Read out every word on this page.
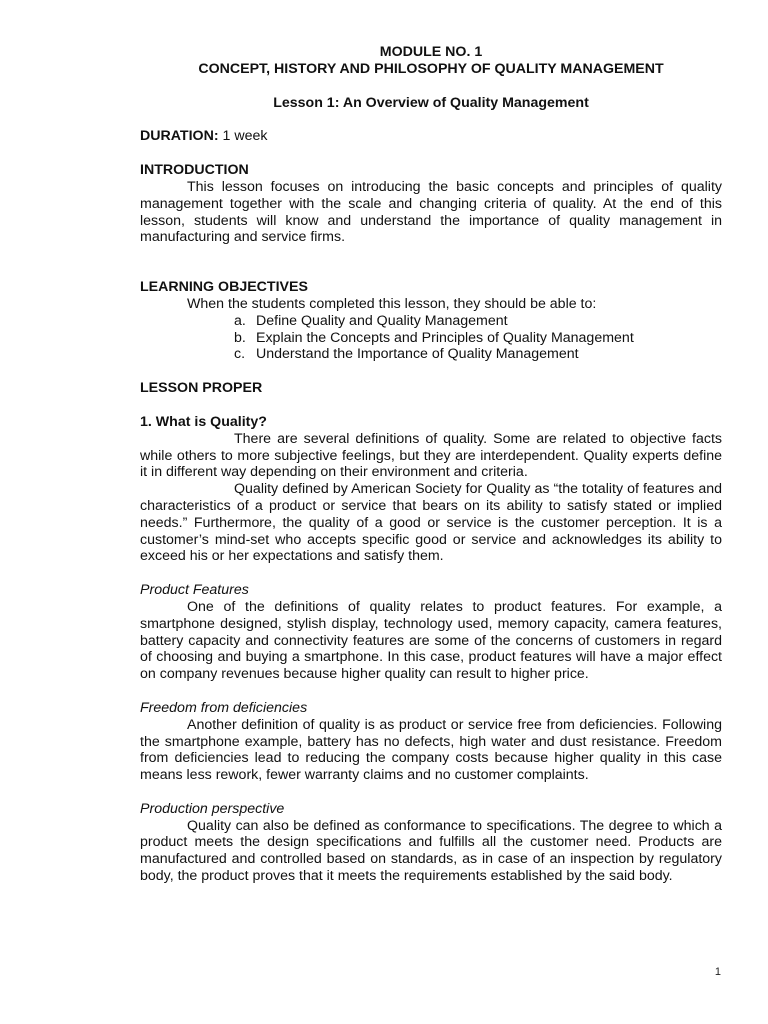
MODULE NO. 1

CONCEPT, HISTORY AND PHILOSOPHY OF QUALITY MANAGEMENT

Lesson 1: An Overview of Quality Management

DURATION: 1 week

INTRODUCTION

This lesson focuses on introducing the basic concepts and principles of quality management together with the scale and changing criteria of quality. At the end of this lesson, students will know and understand the importance of quality management in manufacturing and service firms.

LEARNING OBJECTIVES

When the students completed this lesson, they should be able to:

a. Define Quality and Quality Management
b. Explain the Concepts and Principles of Quality Management
c. Understand the Importance of Quality Management

LESSON PROPER

1. What is Quality?

There are several definitions of quality. Some are related to objective facts while others to more subjective feelings, but they are interdependent. Quality experts define it in different way depending on their environment and criteria.

Quality defined by American Society for Quality as “the totality of features and characteristics of a product or service that bears on its ability to satisfy stated or implied needs.” Furthermore, the quality of a good or service is the customer perception. It is a customer’s mind-set who accepts specific good or service and acknowledges its ability to exceed his or her expectations and satisfy them.

Product Features

One of the definitions of quality relates to product features. For example, a smartphone designed, stylish display, technology used, memory capacity, camera features, battery capacity and connectivity features are some of the concerns of customers in regard of choosing and buying a smartphone. In this case, product features will have a major effect on company revenues because higher quality can result to higher price.

Freedom from deficiencies

Another definition of quality is as product or service free from deficiencies. Following the smartphone example, battery has no defects, high water and dust resistance. Freedom from deficiencies lead to reducing the company costs because higher quality in this case means less rework, fewer warranty claims and no customer complaints.

Production perspective

Quality can also be defined as conformance to specifications. The degree to which a product meets the design specifications and fulfills all the customer need. Products are manufactured and controlled based on standards, as in case of an inspection by regulatory body, the product proves that it meets the requirements established by the said body.

1
